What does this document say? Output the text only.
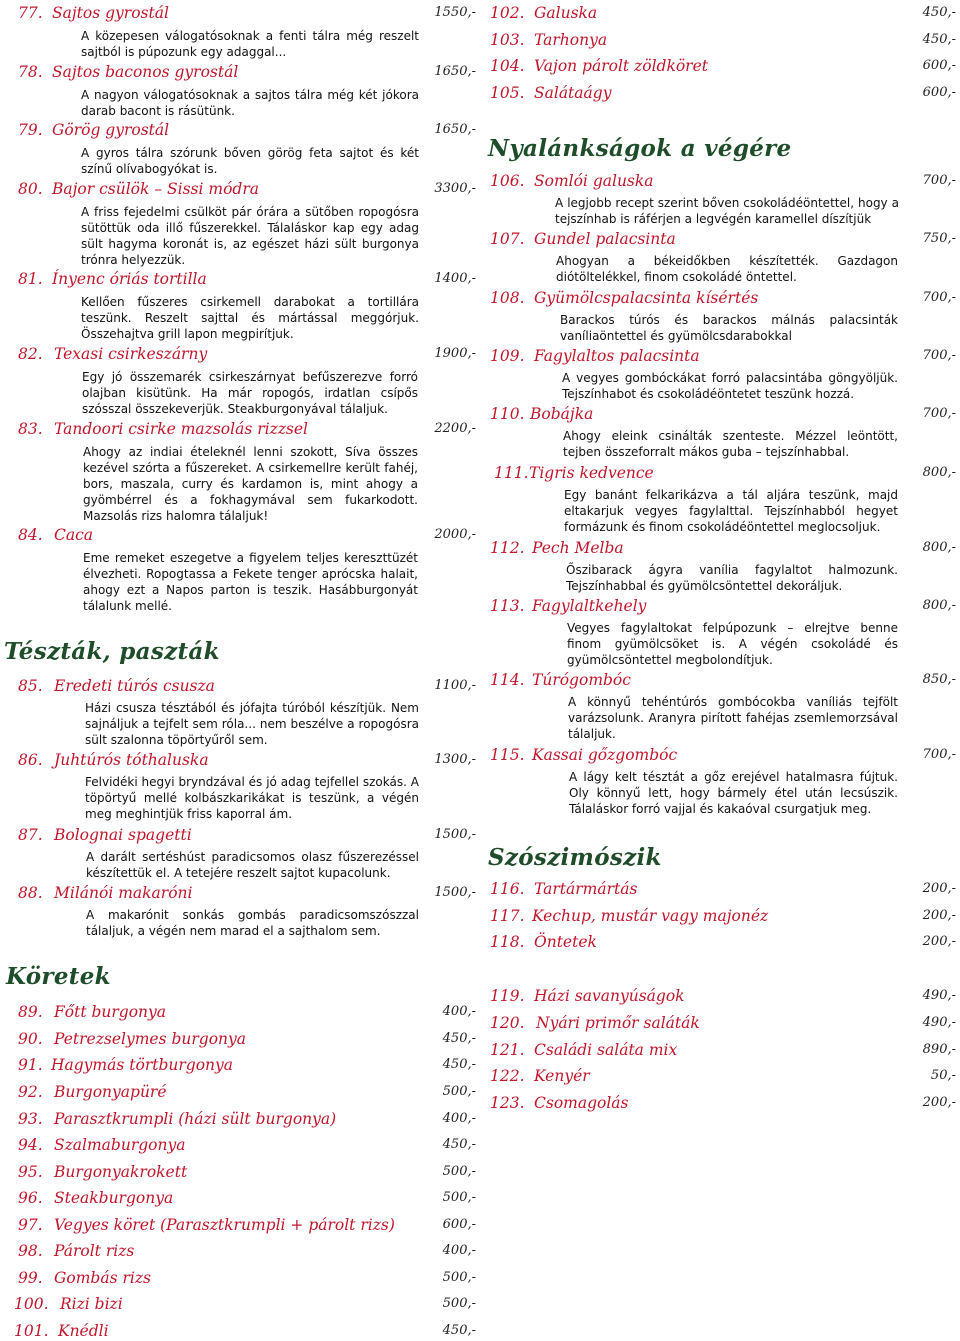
77. Sajtos gyrostál	1550,-
A közepesen válogatósoknak a fenti tálra még reszelt sajtból is púpozunk egy adaggal...
78. Sajtos baconos gyrostál	1650,-
A nagyon válogatósoknak a sajtos tálra még két jókora darab bacont is rásütünk.
79. Görög gyrostál	1650,-
A gyros tálra szórunk bőven görög feta sajtot és két színű olívabogyókat is.
80. Bajor csülök – Sissi módra	3300,-
A friss fejedelmi csülköt pár órára a sütőben ropogósra sütöttük oda illő fűszerekkel. Tálaláskor kap egy adag sült hagyma koronát is, az egészet házi sült burgonya trónra helyezzük.
81. Ínyenc óriás tortilla	1400,-
Kellően fűszeres csirkemell darabokat a tortillára teszünk. Reszelt sajttal és mártással meggórjuk. Összehajtva grill lapon megpirítjuk.
82. Texasi csirkeszárny	1900,-
Egy jó összemarék csirkeszárnyat befűszerezve forró olajban kisütünk. Ha már ropogós, irdatlan csípős szósszal összekeverjük. Steakburgonyával tálaljuk.
83. Tandoori csirke mazsolás rizzsel	2200,-
Ahogy az indiai ételeknél lenni szokott, Síva összes kezével szórta a fűszereket. A csirkemellre került fahéj, bors, maszala, curry és kardamon is, mint ahogy a gyömbérrel és a fokhagymával sem fukarkodott. Mazsolás rizs halomra tálaljuk!
84. Caca	2000,-
Eme remeket eszegetve a figyelem teljes kereszttüzét élvezheti. Ropogtassa a Fekete tenger aprócska halait, ahogy ezt a Napos parton is teszik. Hasábburgonyát tálalunk mellé.
Tészták, paszták
85. Eredeti túrós csusza	1100,-
Házi csusza tésztából és jófajta túróból készítjük. Nem sajnáljuk a tejfelt sem róla... nem beszélve a ropogósra sült szalonna töpörtyűről sem.
86. Juhtúrós tóthaluska	1300,-
Felvidéki hegyi bryndzával és jó adag tejfellel szokás. A töpörtyű mellé kolbászkarikákat is teszünk, a végén meg meghintjük friss kaporral ám.
87. Bolognai spagetti	1500,-
A darált sertéshúst paradicsomos olasz fűszerezéssel készítettük el. A tetejére reszelt sajtot kupacolunk.
88. Milánói makaróni	1500,-
A makarónit sonkás gombás paradicsomszószzal tálaljuk, a végén nem marad el a sajthalom sem.
Köretek
89. Főtt burgonya	400,-
90. Petrezselymes burgonya	450,-
91. Hagymás törtburgonya	450,-
92. Burgonyapüré	500,-
93. Parasztkrumpli (házi sült burgonya)	400,-
94. Szalmaburgonya	450,-
95. Burgonyakrokett	500,-
96. Steakburgonya	500,-
97. Vegyes köret (Parasztkrumpli + párolt rizs)	600,-
98. Párolt rizs	400,-
99. Gombás rizs	500,-
100. Rizi bizi	500,-
101. Knédli	450,-
102. Galuska	450,-
103. Tarhonya	450,-
104. Vajon párolt zöldköret	600,-
105. Salátaágy	600,-
Nyalánkságok a végére
106. Somlói galuska	700,-
A legjobb recept szerint bőven csokoládéöntettel, hogy a tejszínhab is ráférjen a legvégén karamellel díszítjük
107. Gundel palacsinta	750,-
Ahogyan a békeidőkben készítették. Gazdagon diótöltelékkel, finom csokoládé öntettel.
108. Gyümölcspalacsinta kísértés	700,-
Barackos túrós és barackos málnás palacsinták vaníliaöntettel és gyümölcsdarabokkal
109. Fagylaltos palacsinta	700,-
A vegyes gombóckákat forró palacsintába göngyöljük. Tejszínhabot és csokoládéöntetet teszünk hozzá.
110. Bobájka	700,-
Ahogy eleink csinálták szenteste. Mézzel leöntött, tejben összeforralt mákos guba – tejszínhabbal.
111. Tigris kedvence	800,-
Egy banánt felkarikázva a tál aljára teszünk, majd eltakarjuk vegyes fagylalttal. Tejszínhabból hegyet formázunk és finom csokoládéöntettel meglocsoljuk.
112. Pech Melba	800,-
Őszibarack ágyra vanília fagylaltot halmozunk. Tejszínhabbal és gyümölcsöntettel dekoráljuk.
113. Fagylaltkehely	800,-
Vegyes fagylaltokat felpúpozunk – elrejtve benne finom gyümölcsöket is. A végén csokoládé és gyümölcsöntettel megbolondítjuk.
114. Túrógombóc	850,-
A könnyű tehéntúrós gombócokba vaníliás tejfölt varázsolunk. Aranyra pirított fahéjas zsemlemorzsával tálaljuk.
115. Kassai gőzgombóc	700,-
A lágy kelt tésztát a gőz erejével hatalmasra fújtuk. Oly könnyű lett, hogy bármely étel után lecsúszik. Tálaláskor forró vajjal és kakaóval csurgatjuk meg.
Szószimószik
116. Tartármártás	200,-
117. Kechup, mustár vagy majonéz	200,-
118. Öntetek	200,-
119. Házi savanyúságok	490,-
120. Nyári primőr saláták	490,-
121. Családi saláta mix	890,-
122. Kenyér	50,-
123. Csomagolás	200,-
